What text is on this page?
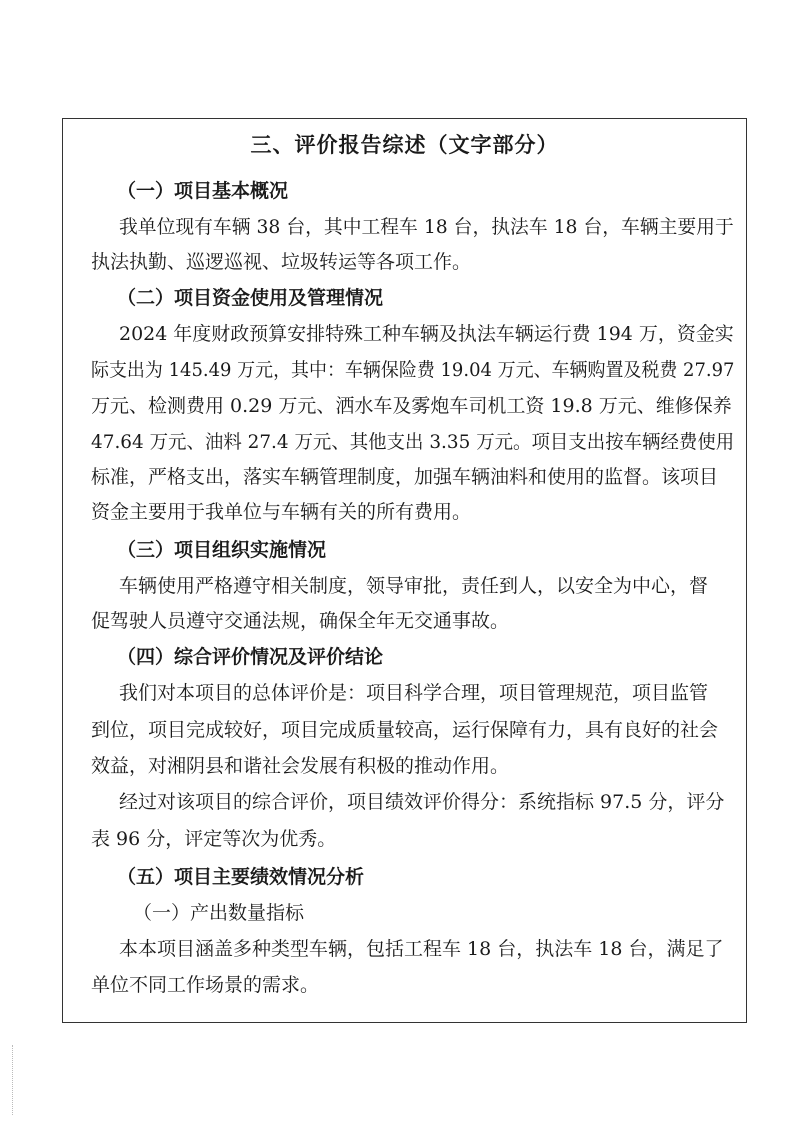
三、评价报告综述（文字部分）
（一）项目基本概况
我单位现有车辆 38 台，其中工程车 18 台，执法车 18 台，车辆主要用于
执法执勤、巡逻巡视、垃圾转运等各项工作。
（二）项目资金使用及管理情况
2024 年度财政预算安排特殊工种车辆及执法车辆运行费 194 万，资金实
际支出为 145.49 万元，其中：车辆保险费 19.04 万元、车辆购置及税费 27.97
万元、检测费用 0.29 万元、洒水车及雾炮车司机工资 19.8 万元、维修保养
47.64 万元、油料 27.4 万元、其他支出 3.35 万元。项目支出按车辆经费使用
标准，严格支出，落实车辆管理制度，加强车辆油料和使用的监督。该项目
资金主要用于我单位与车辆有关的所有费用。
（三）项目组织实施情况
车辆使用严格遵守相关制度，领导审批，责任到人，以安全为中心，督
促驾驶人员遵守交通法规，确保全年无交通事故。
（四）综合评价情况及评价结论
我们对本项目的总体评价是：项目科学合理，项目管理规范，项目监管
到位，项目完成较好，项目完成质量较高，运行保障有力，具有良好的社会
效益，对湘阴县和谐社会发展有积极的推动作用。
经过对该项目的综合评价，项目绩效评价得分：系统指标 97.5 分，评分
表 96 分，评定等次为优秀。
（五）项目主要绩效情况分析
（一）产出数量指标
本本项目涵盖多种类型车辆，包括工程车 18 台，执法车 18 台，满足了
单位不同工作场景的需求。
